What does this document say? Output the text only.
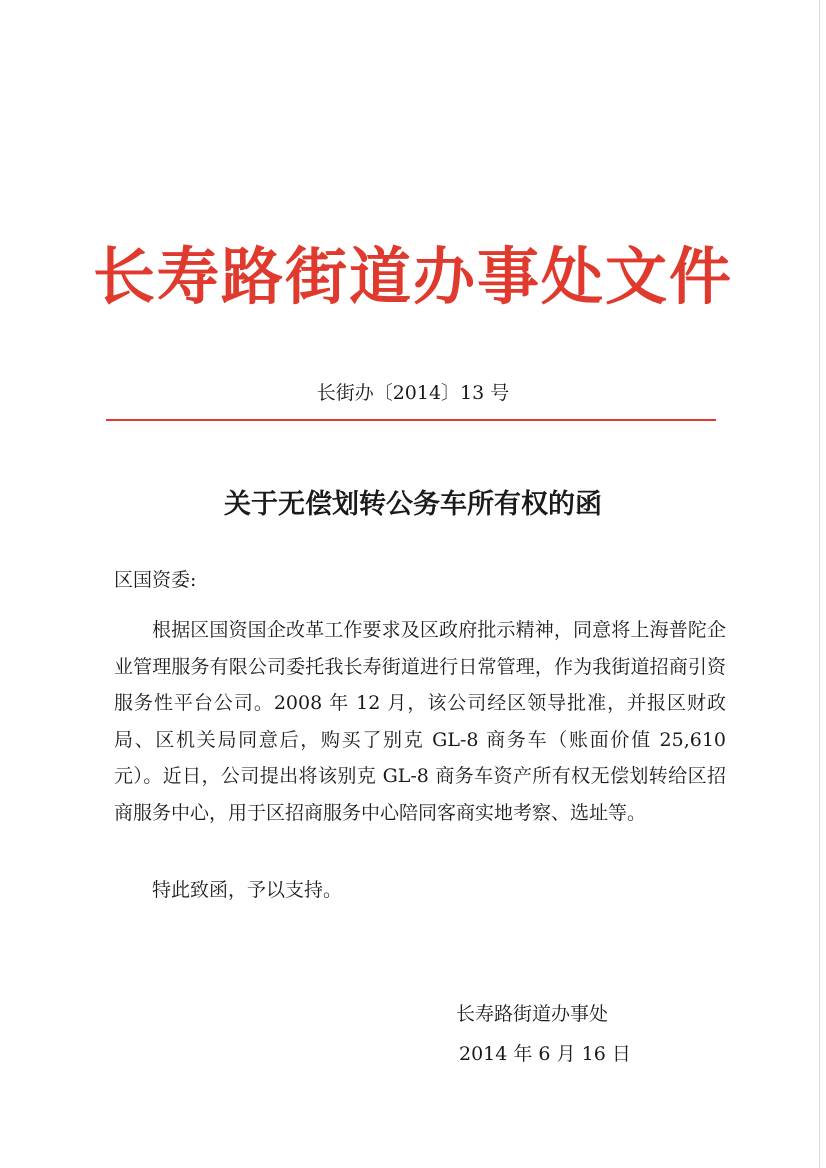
长寿路街道办事处文件
长街办〔2014〕13 号
关于无偿划转公务车所有权的函
区国资委:

根据区国资国企改革工作要求及区政府批示精神，同意将上海普陀企业管理服务有限公司委托我长寿街道进行日常管理，作为我街道招商引资服务性平台公司。2008 年 12 月，该公司经区领导批准，并报区财政局、区机关局同意后，购买了别克 GL-8 商务车（账面价值 25,610 元）。近日，公司提出将该别克 GL-8 商务车资产所有权无偿划转给区招商服务中心，用于区招商服务中心陪同客商实地考察、选址等。

特此致函，予以支持。
长寿路街道办事处
2014 年 6 月 16 日
